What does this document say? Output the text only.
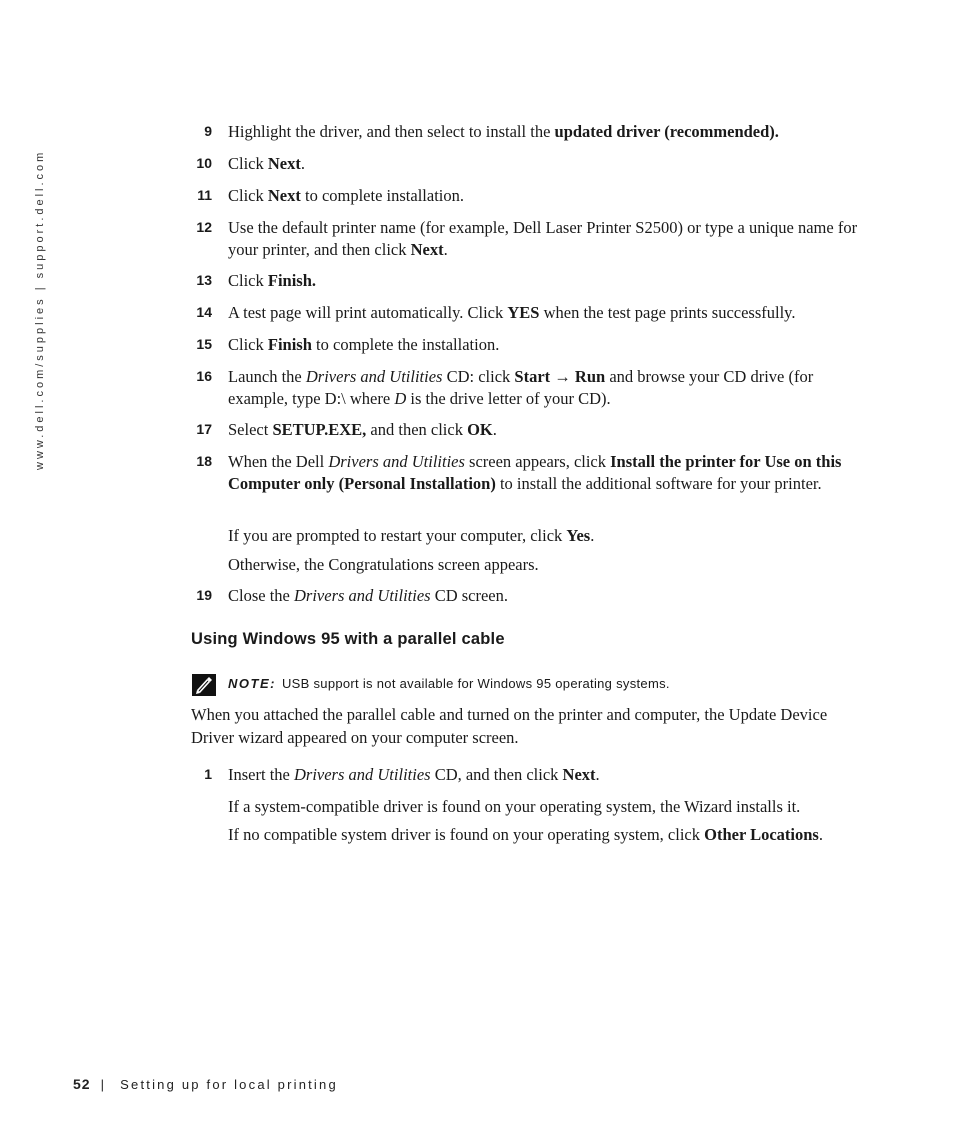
www.dell.com/supplies | support.dell.com
9 Highlight the driver, and then select to install the updated driver (recommended).
10 Click Next.
11 Click Next to complete installation.
12 Use the default printer name (for example, Dell Laser Printer S2500) or type a unique name for your printer, and then click Next.
13 Click Finish.
14 A test page will print automatically. Click YES when the test page prints successfully.
15 Click Finish to complete the installation.
16 Launch the Drivers and Utilities CD: click Start → Run and browse your CD drive (for example, type D:\ where D is the drive letter of your CD).
17 Select SETUP.EXE, and then click OK.
18 When the Dell Drivers and Utilities screen appears, click Install the printer for Use on this Computer only (Personal Installation) to install the additional software for your printer.
If you are prompted to restart your computer, click Yes.
Otherwise, the Congratulations screen appears.
19 Close the Drivers and Utilities CD screen.
Using Windows 95 with a parallel cable
NOTE: USB support is not available for Windows 95 operating systems.
When you attached the parallel cable and turned on the printer and computer, the Update Device Driver wizard appeared on your computer screen.
1 Insert the Drivers and Utilities CD, and then click Next.
If a system-compatible driver is found on your operating system, the Wizard installs it.
If no compatible system driver is found on your operating system, click Other Locations.
52 | Setting up for local printing
